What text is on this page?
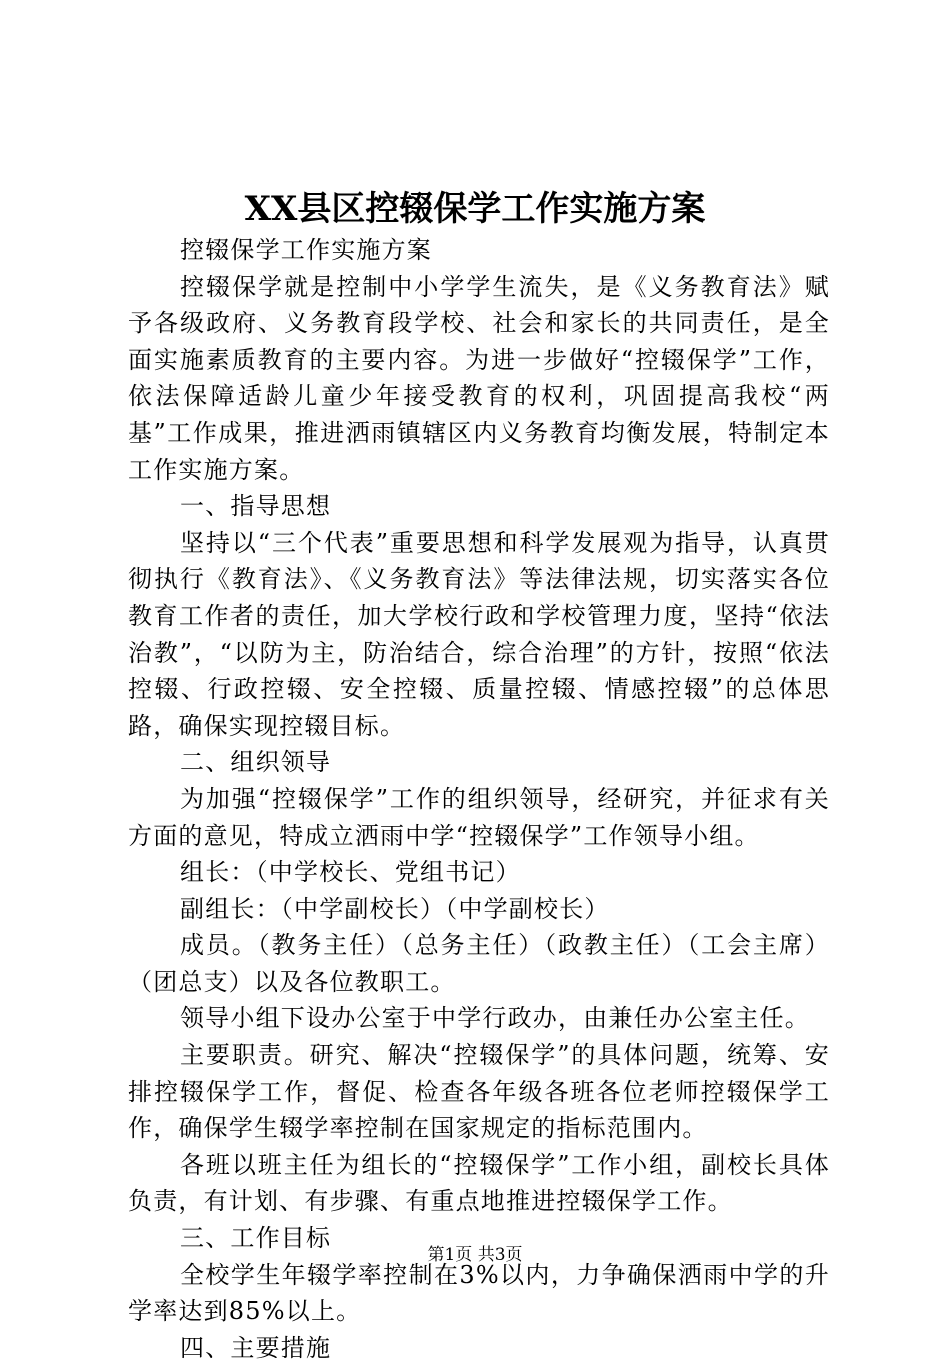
XX县区控辍保学工作实施方案

控辍保学工作实施方案

控辍保学就是控制中小学学生流失，是《义务教育法》赋予各级政府、义务教育段学校、社会和家长的共同责任，是全面实施素质教育的主要内容。为进一步做好“控辍保学”工作，依法保障适龄儿童少年接受教育的权利，巩固提高我校“两基”工作成果，推进洒雨镇辖区内义务教育均衡发展，特制定本工作实施方案。

一、指导思想

坚持以“三个代表”重要思想和科学发展观为指导，认真贯彻执行《教育法》、《义务教育法》等法律法规，切实落实各位教育工作者的责任，加大学校行政和学校管理力度，坚持“依法治教”，“以防为主，防治结合，综合治理”的方针，按照“依法控辍、行政控辍、安全控辍、质量控辍、情感控辍”的总体思路，确保实现控辍目标。

二、组织领导

为加强“控辍保学”工作的组织领导，经研究，并征求有关方面的意见，特成立洒雨中学“控辍保学”工作领导小组。

组长：（中学校长、党组书记）

副组长：（中学副校长）（中学副校长）

成员。（教务主任）（总务主任）（政教主任）（工会主席）（团总支）以及各位教职工。

领导小组下设办公室于中学行政办，由兼任办公室主任。

主要职责。研究、解决“控辍保学”的具体问题，统筹、安排控辍保学工作，督促、检查各年级各班各位老师控辍保学工作，确保学生辍学率控制在国家规定的指标范围内。

各班以班主任为组长的“控辍保学”工作小组，副校长具体负责，有计划、有步骤、有重点地推进控辍保学工作。

三、工作目标

全校学生年辍学率控制在3%以内，力争确保洒雨中学的升学率达到85%以上。

四、主要措施

第1页 共3页
